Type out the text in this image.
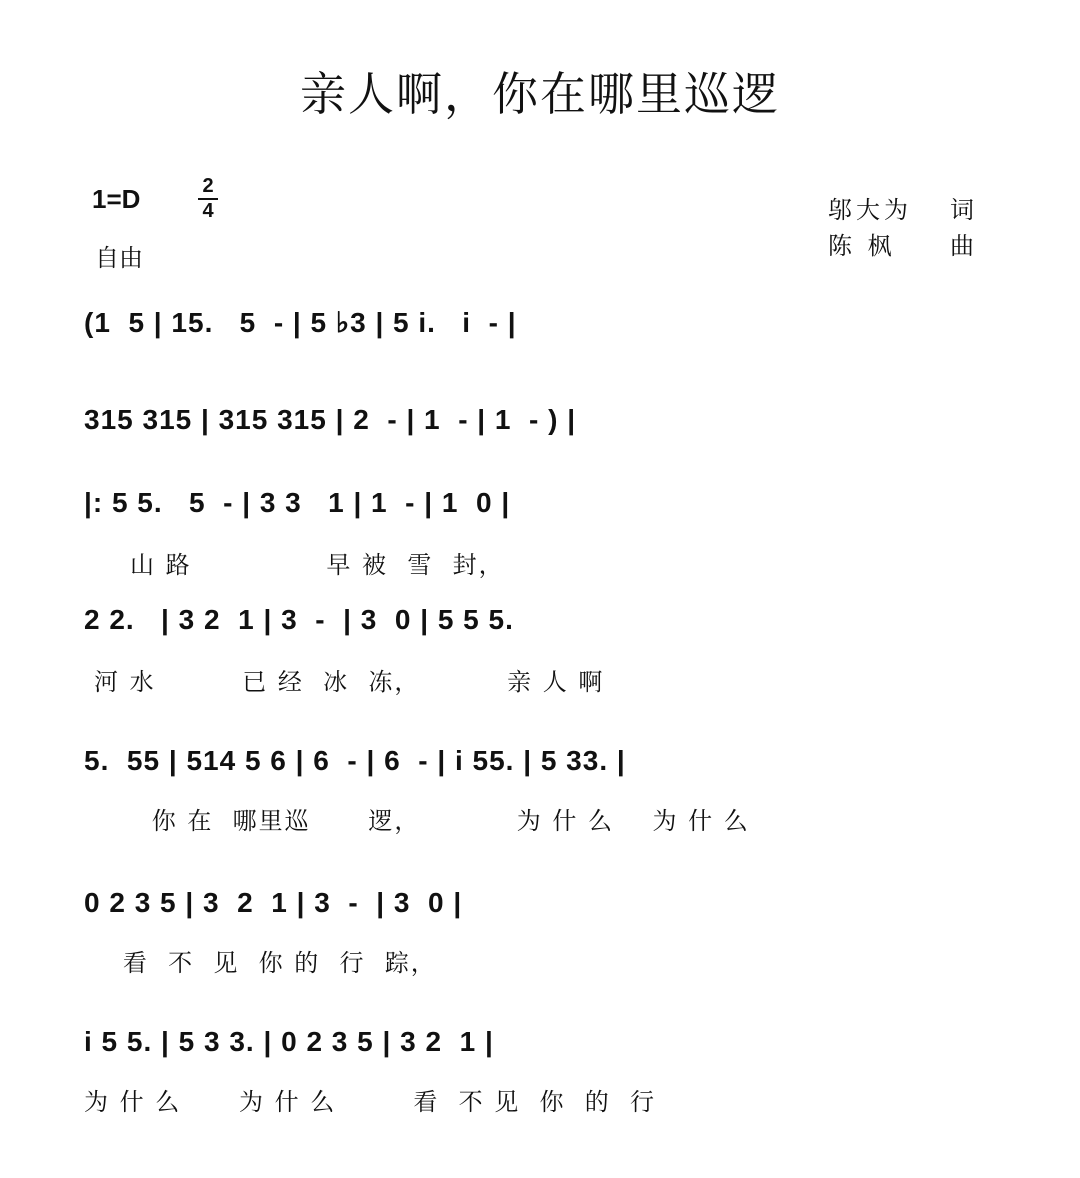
亲人啊，你在哪里巡逻
1=D	2
4
自由
邬大为 词
陈 枫 曲
(1  5 | 15.   5  - | 5 ♭3 | 5 i.   i  - |
315 315 | 315 315 | 2  - | 1  - | 1  - ) |
|: 5 5.   5  - | 3 3   1 | 1  - | 1  0 |
山 路              早 被  雪  封，
2 2.   | 3 2  1 | 3  -  | 3  0 | 5 5 5.
河 水         已 经  冰  冻，         亲 人 啊
5.  55 | 514 5 6 | 6  - | 6  - | i 55. | 5 33. |
你 在  哪里巡      逻，          为 什 么    为 什 么
0 2 3 5 | 3  2  1 | 3  -  | 3  0 |
看  不  见  你 的  行  踪，
i 5 5. | 5 3 3. | 0 2 3 5 | 3 2  1 |
为 什 么      为 什 么        看  不 见  你  的  行
